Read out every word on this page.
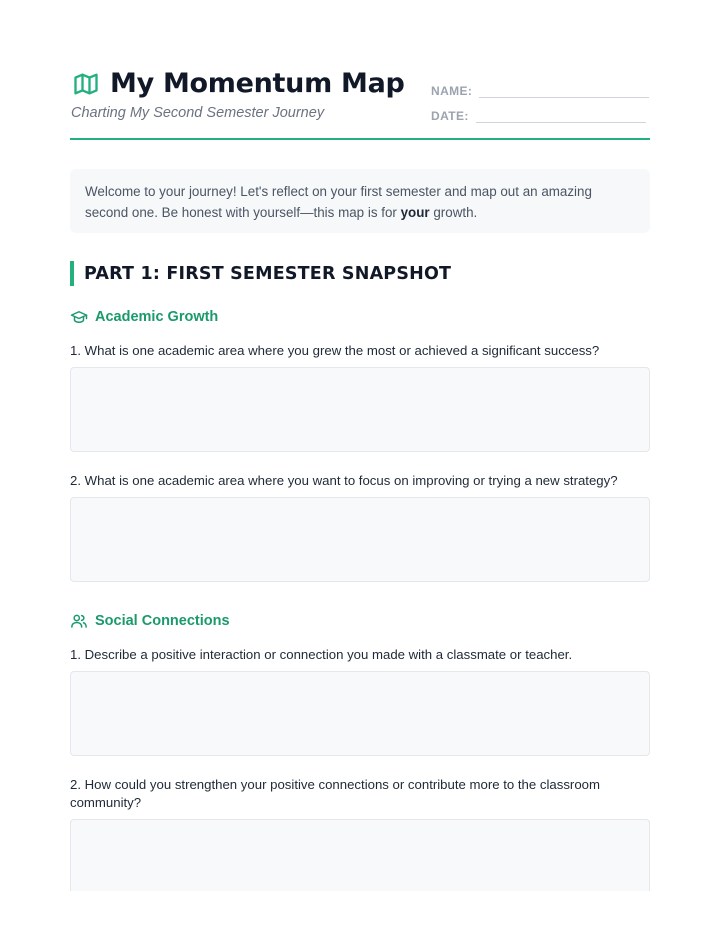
My Momentum Map
Charting My Second Semester Journey
NAME:
DATE:
Welcome to your journey! Let's reflect on your first semester and map out an amazing second one. Be honest with yourself—this map is for your growth.
PART 1: FIRST SEMESTER SNAPSHOT
Academic Growth
1. What is one academic area where you grew the most or achieved a significant success?
2. What is one academic area where you want to focus on improving or trying a new strategy?
Social Connections
1. Describe a positive interaction or connection you made with a classmate or teacher.
2. How could you strengthen your positive connections or contribute more to the classroom community?
